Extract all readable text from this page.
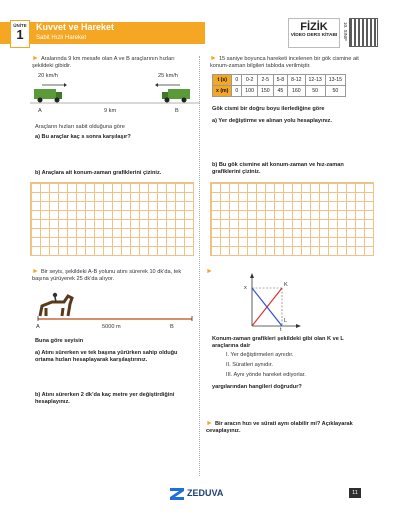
ÜNİTE
1	Kuvvet ve Hareket
Sabit Hızlı Hareket
FİZİK
VİDEO DERS KİTABI	10. SINIF
► Aralarında 9 km mesafe olan A ve B araçlarının hızları şekildeki gibidir.
20 km/h	25 km/h
A	9 km	B
Araçların hızları sabit olduğuna göre
a) Bu araçlar kaç s sonra karşılaşır?
b) Araçlara ait konum-zaman grafiklerini çiziniz.
► Bir seyis, şekildeki A-B yolunu atını sürerek 10 dk’da, tek başına yürüyerek 25 dk’da alıyor.
A	5000 m	B
Buna göre seyisin
a) Atını sürerken ve tek başına yürürken sahip olduğu ortama hızları hesaplayarak karşılaştırınız.
b) Atını sürerken 2 dk’da kaç metre yer değiştirdiğini hesaplayınız.
► 15 saniye boyunca hareketi incelenen bir gök cismine ait konum-zaman bilgileri tabloda verilmiştir.
t (s)	0	0-2	2-5	5-8	8-12	12-13	13-15
x (m)	0	100	150	45	160	50	50
Gök cismi bir doğru boyu ilerlediğine göre
a) Yer değiştirme ve alınan yolu hesaplayınız.
b) Bu gök cismine ait konum-zaman ve hız-zaman grafiklerini çiziniz.
►
x	K
L
t
Konum-zaman grafikleri şekildeki gibi olan K ve L araçlarına dair
I. Yer değiştirmeleri aynıdır.
II. Süratleri aynıdır.
III. Aynı yönde hareket ediyorlar.
yargılarından hangileri doğrudur?
► Bir aracın hızı ve sürati aynı olabilir mi? Açıklayarak cevaplayınız.
ZEDUVA	11
